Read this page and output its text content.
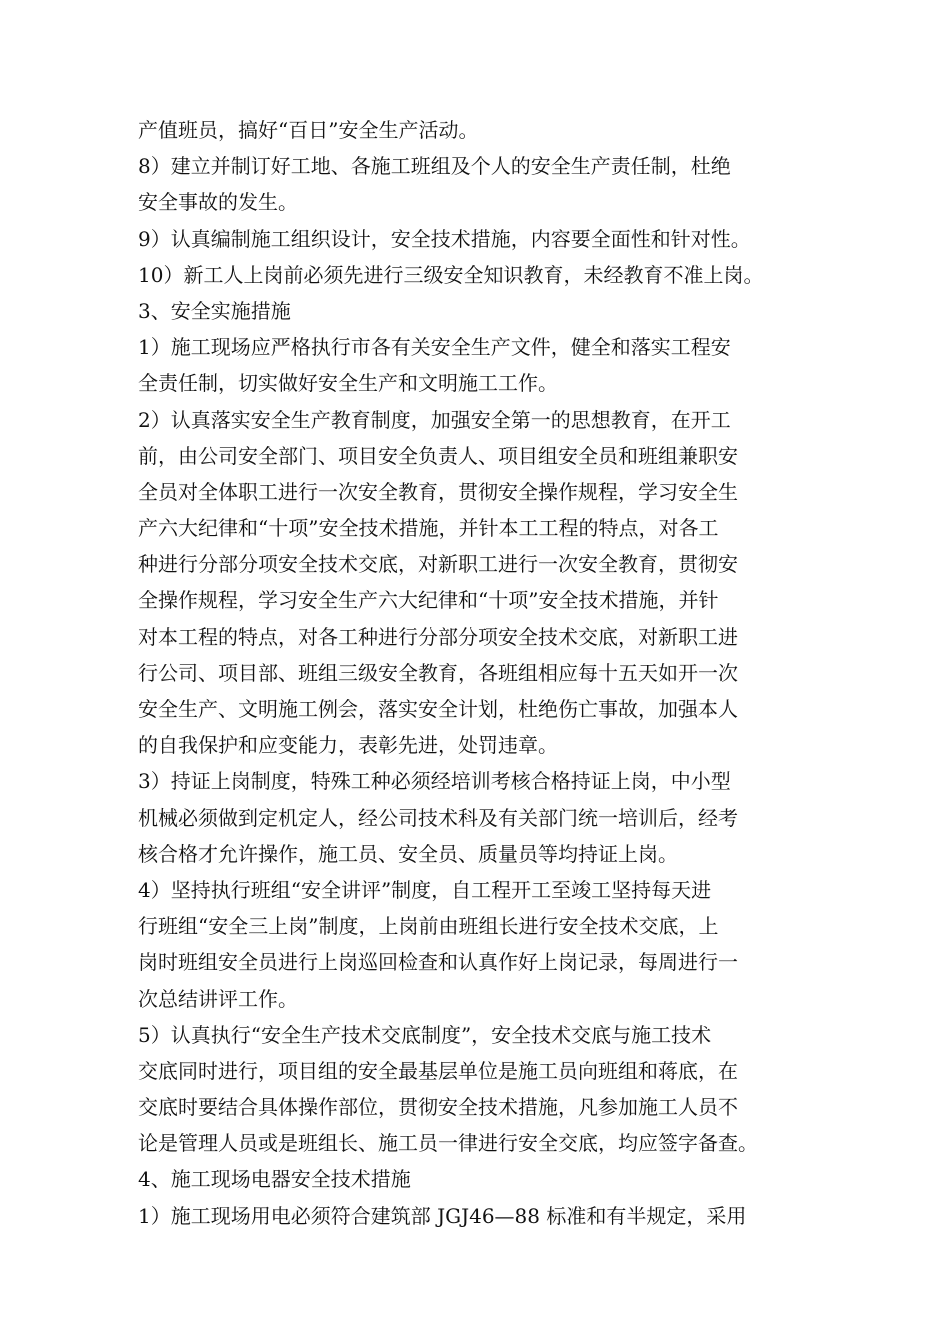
产值班员，搞好“百日”安全生产活动。
8）建立并制订好工地、各施工班组及个人的安全生产责任制，杜绝
安全事故的发生。
9）认真编制施工组织设计，安全技术措施，内容要全面性和针对性。
10）新工人上岗前必须先进行三级安全知识教育，未经教育不准上岗。
3、安全实施措施
1）施工现场应严格执行市各有关安全生产文件，健全和落实工程安
全责任制，切实做好安全生产和文明施工工作。
2）认真落实安全生产教育制度，加强安全第一的思想教育，在开工
前，由公司安全部门、项目安全负责人、项目组安全员和班组兼职安
全员对全体职工进行一次安全教育，贯彻安全操作规程，学习安全生
产六大纪律和“十项”安全技术措施，并针本工工程的特点，对各工
种进行分部分项安全技术交底，对新职工进行一次安全教育，贯彻安
全操作规程，学习安全生产六大纪律和“十项”安全技术措施，并针
对本工程的特点，对各工种进行分部分项安全技术交底，对新职工进
行公司、项目部、班组三级安全教育，各班组相应每十五天如开一次
安全生产、文明施工例会，落实安全计划，杜绝伤亡事故，加强本人
的自我保护和应变能力，表彰先进，处罚违章。
3）持证上岗制度，特殊工种必须经培训考核合格持证上岗，中小型
机械必须做到定机定人，经公司技术科及有关部门统一培训后，经考
核合格才允许操作，施工员、安全员、质量员等均持证上岗。
4）坚持执行班组“安全讲评”制度，自工程开工至竣工坚持每天进
行班组“安全三上岗”制度，上岗前由班组长进行安全技术交底，上
岗时班组安全员进行上岗巡回检查和认真作好上岗记录，每周进行一
次总结讲评工作。
5）认真执行“安全生产技术交底制度”，安全技术交底与施工技术
交底同时进行，项目组的安全最基层单位是施工员向班组和蒋底，在
交底时要结合具体操作部位，贯彻安全技术措施，凡参加施工人员不
论是管理人员或是班组长、施工员一律进行安全交底，均应签字备查。
4、施工现场电器安全技术措施
1）施工现场用电必须符合建筑部 JGJ46—88 标准和有半规定，采用
